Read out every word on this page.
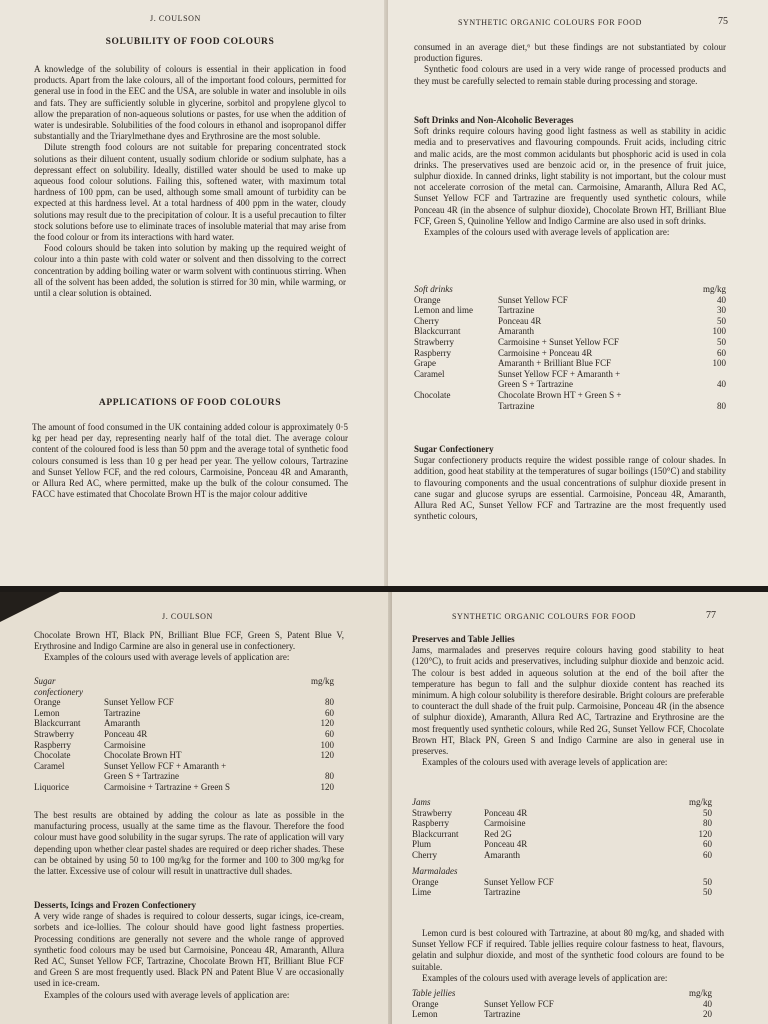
J. COULSON
SOLUBILITY OF FOOD COLOURS

A knowledge of the solubility of colours is essential in their application in food products. Apart from the lake colours, all of the important food colours, permitted for general use in food in the EEC and the USA, are soluble in water and insoluble in oils and fats. They are sufficiently soluble in glycerine, sorbitol and propylene glycol to allow the preparation of non-aqueous solutions or pastes, for use when the addition of water is undesirable. Solubilities of the food colours in ethanol and isopropanol differ substantially and the Triarylmethane dyes and Erythrosine are the most soluble.

Dilute strength food colours are not suitable for preparing concentrated stock solutions as their diluent content, usually sodium chloride or sodium sulphate, has a depressant effect on solubility. Ideally, distilled water should be used to make up aqueous food colour solutions. Failing this, softened water, with maximum total hardness of 100 ppm, can be used, although some small amount of turbidity can be expected at this hardness level. At a total hardness of 400 ppm in the water, cloudy solutions may result due to the precipitation of colour. It is a useful precaution to filter stock solutions before use to eliminate traces of insoluble material that may arise from the food colour or from its interactions with hard water.

Food colours should be taken into solution by making up the required weight of colour into a thin paste with cold water or solvent and then dissolving to the correct concentration by adding boiling water or warm solvent with continuous stirring. When all of the solvent has been added, the solution is stirred for 30 min, while warming, or until a clear solution is obtained.

APPLICATIONS OF FOOD COLOURS

The amount of food consumed in the UK containing added colour is approximately 0·5 kg per head per day, representing nearly half of the total diet. The average colour content of the coloured food is less than 50 ppm and the average total of synthetic food colours consumed is less than 10 g per head per year. The yellow colours, Tartrazine and Sunset Yellow FCF, and the red colours, Carmoisine, Ponceau 4R and Amaranth, or Allura Red AC, where permitted, make up the bulk of the colour consumed. The FACC have estimated that Chocolate Brown HT is the major colour additive

SYNTHETIC ORGANIC COLOURS FOR FOOD	75

consumed in an average diet,⁶ but these findings are not substantiated by colour production figures.

Synthetic food colours are used in a very wide range of processed products and they must be carefully selected to remain stable during processing and storage.

Soft Drinks and Non-Alcoholic Beverages

Soft drinks require colours having good light fastness as well as stability in acidic media and to preservatives and flavouring compounds. Fruit acids, including citric and malic acids, are the most common acidulants but phosphoric acid is used in cola drinks. The preservatives used are benzoic acid or, in the presence of fruit juice, sulphur dioxide. In canned drinks, light stability is not important, but the colour must not accelerate corrosion of the metal can. Carmoisine, Amaranth, Allura Red AC, Sunset Yellow FCF and Tartrazine are frequently used synthetic colours, while Ponceau 4R (in the absence of sulphur dioxide), Chocolate Brown HT, Brilliant Blue FCF, Green S, Quinoline Yellow and Indigo Carmine are also used in soft drinks.

Examples of the colours used with average levels of application are:

Soft drinks		mg/kg
Orange	Sunset Yellow FCF	40
Lemon and lime	Tartrazine	30
Cherry	Ponceau 4R	50
Blackcurrant	Amaranth	100
Strawberry	Carmoisine + Sunset Yellow FCF	50
Raspberry	Carmoisine + Ponceau 4R	60
Grape	Amaranth + Brilliant Blue FCF	100
Caramel	Sunset Yellow FCF + Amaranth +	
	Green S + Tartrazine	40
Chocolate	Chocolate Brown HT + Green S +	
	Tartrazine	80

Sugar Confectionery

Sugar confectionery products require the widest possible range of colour shades. In addition, good heat stability at the temperatures of sugar boilings (150°C) and stability to flavouring components and the usual concentrations of sulphur dioxide present in cane sugar and glucose syrups are essential. Carmoisine, Ponceau 4R, Amaranth, Allura Red AC, Sunset Yellow FCF and Tartrazine are the most frequently used synthetic colours,

J. COULSON

Chocolate Brown HT, Black PN, Brilliant Blue FCF, Green S, Patent Blue V, Erythrosine and Indigo Carmine are also in general use in confectionery.

Examples of the colours used with average levels of application are:

Sugar confectionery		mg/kg
Orange	Sunset Yellow FCF	80
Lemon	Tartrazine	60
Blackcurrant	Amaranth	120
Strawberry	Ponceau 4R	60
Raspberry	Carmoisine	100
Chocolate	Chocolate Brown HT	120
Caramel	Sunset Yellow FCF + Amaranth +	
	Green S + Tartrazine	80
Liquorice	Carmoisine + Tartrazine + Green S	120

The best results are obtained by adding the colour as late as possible in the manufacturing process, usually at the same time as the flavour. Therefore the food colour must have good solubility in the sugar syrups. The rate of application will vary depending upon whether clear pastel shades are required or deep richer shades. These can be obtained by using 50 to 100 mg/kg for the former and 100 to 300 mg/kg for the latter. Excessive use of colour will result in unattractive dull shades.

Desserts, Icings and Frozen Confectionery

A very wide range of shades is required to colour desserts, sugar icings, ice-cream, sorbets and ice-lollies. The colour should have good light fastness properties. Processing conditions are generally not severe and the whole range of approved synthetic food colours may be used but Carmoisine, Ponceau 4R, Amaranth, Allura Red AC, Sunset Yellow FCF, Tartrazine, Chocolate Brown HT, Brilliant Blue FCF and Green S are most frequently used. Black PN and Patent Blue V are occasionally used in ice-cream.

Examples of the colours used with average levels of application are:

SYNTHETIC ORGANIC COLOURS FOR FOOD	77

Preserves and Table Jellies

Jams, marmalades and preserves require colours having good stability to heat (120°C), to fruit acids and preservatives, including sulphur dioxide and benzoic acid. The colour is best added in aqueous solution at the end of the boil after the temperature has begun to fall and the sulphur dioxide content has reached its minimum. A high colour solubility is therefore desirable. Bright colours are preferable to counteract the dull shade of the fruit pulp. Carmoisine, Ponceau 4R (in the absence of sulphur dioxide), Amaranth, Allura Red AC, Tartrazine and Erythrosine are the most frequently used synthetic colours, while Red 2G, Sunset Yellow FCF, Chocolate Brown HT, Black PN, Green S and Indigo Carmine are also in general use in preserves.

Examples of the colours used with average levels of application are:

Jams		mg/kg
Strawberry	Ponceau 4R	50
Raspberry	Carmoisine	80
Blackcurrant	Red 2G	120
Plum	Ponceau 4R	60
Cherry	Amaranth	60
Marmalades		
Orange	Sunset Yellow FCF	50
Lime	Tartrazine	50

Lemon curd is best coloured with Tartrazine, at about 80 mg/kg, and shaded with Sunset Yellow FCF if required. Table jellies require colour fastness to heat, flavours, gelatin and sulphur dioxide, and most of the synthetic food colours are found to be suitable.

Examples of the colours used with average levels of application are:

Table jellies		mg/kg
Orange	Sunset Yellow FCF	40
Lemon	Tartrazine	20
